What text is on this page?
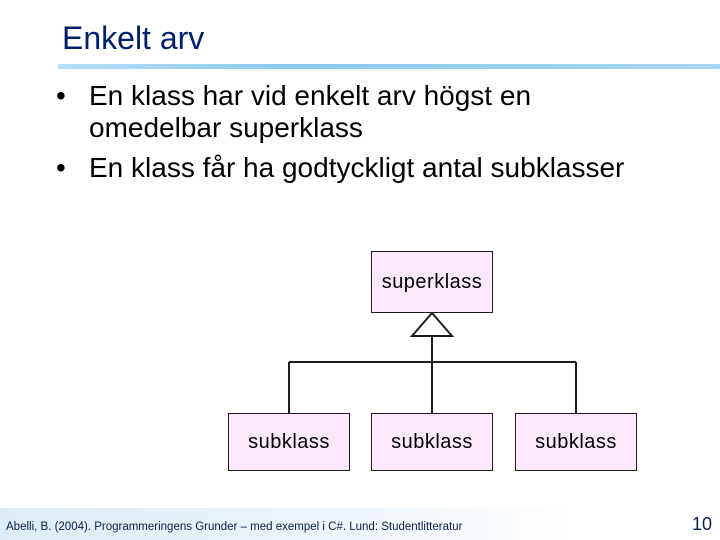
Enkelt arv
• En klass har vid enkelt arv högst en omedelbar superklass
• En klass får ha godtyckligt antal subklasser
superklass
subklass	subklass	subklass
Abelli, B. (2004). Programmeringens Grunder – med exempel i C#. Lund: Studentlitteratur	10
